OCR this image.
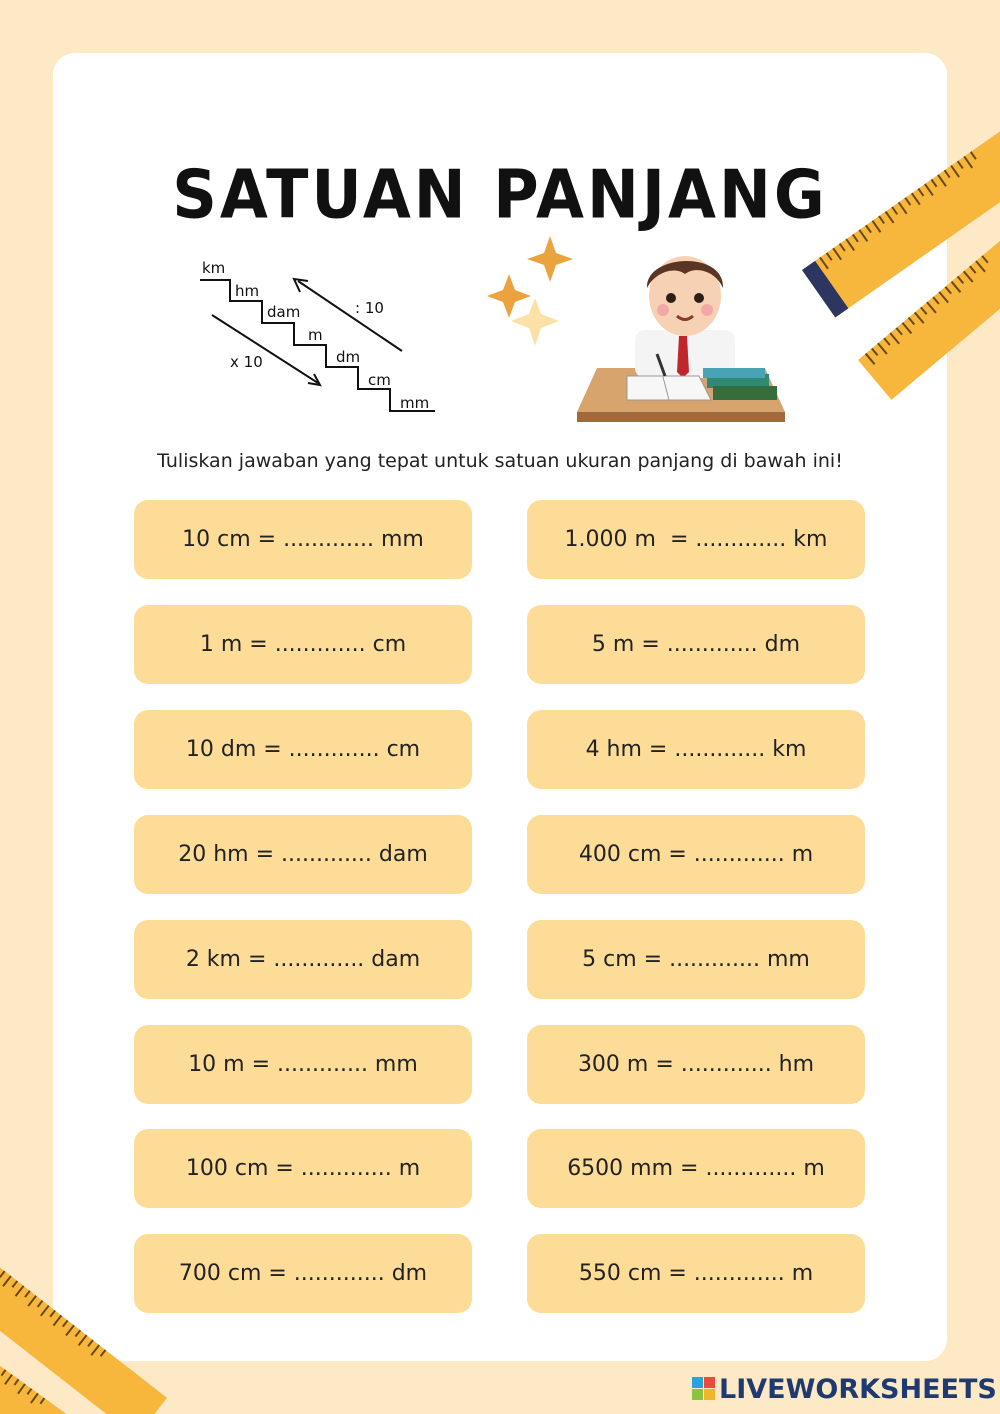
SATUAN PANJANG
km
hm
dam
m
dm
cm
mm
: 10
x 10
Tuliskan jawaban yang tepat untuk satuan ukuran panjang di bawah ini!
10 cm = ............. mm
1 m = ............. cm
10 dm = ............. cm
20 hm = ............. dam
2 km = ............. dam
10 m = ............. mm
100 cm = ............. m
700 cm = ............. dm
1.000 m  = ............. km
5 m = ............. dm
4 hm = ............. km
400 cm = ............. m
5 cm = ............. mm
300 m = ............. hm
6500 mm = ............. m
550 cm = ............. m
LIVEWORKSHEETS
